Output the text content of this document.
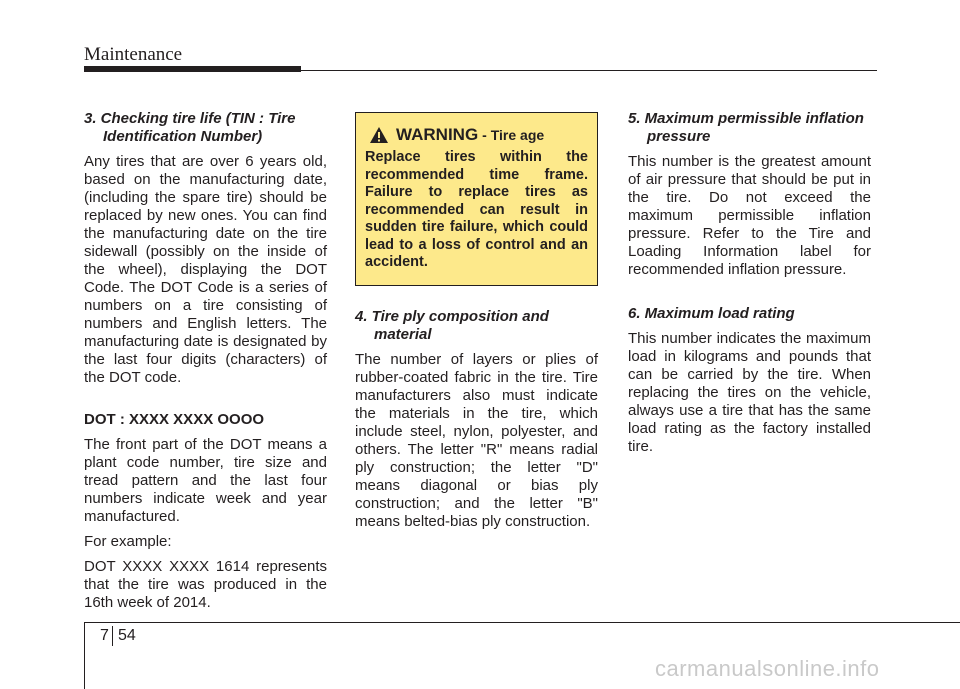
Maintenance
3. Checking tire life (TIN : Tire Identification Number)

Any tires that are over 6 years old, based on the manufacturing date, (including the spare tire) should be replaced by new ones. You can find the manufacturing date on the tire sidewall (possibly on the inside of the wheel), displaying the DOT Code. The DOT Code is a series of numbers on a tire consisting of numbers and English letters. The manufacturing date is designated by the last four digits (characters) of the DOT code.

DOT : XXXX XXXX OOOO

The front part of the DOT means a plant code number, tire size and tread pattern and the last four numbers indicate week and year manufactured.

For example:

DOT XXXX XXXX 1614 represents that the tire was produced in the 16th week of 2014.

WARNING - Tire age
Replace tires within the recommended time frame. Failure to replace tires as recommended can result in sudden tire failure, which could lead to a loss of control and an accident.
4. Tire ply composition and material

The number of layers or plies of rubber-coated fabric in the tire. Tire manufacturers also must indicate the materials in the tire, which include steel, nylon, polyester, and others. The letter "R" means radial ply construction; the letter "D" means diagonal or bias ply construction; and the letter "B" means belted-bias ply construction.

5. Maximum permissible inflation pressure

This number is the greatest amount of air pressure that should be put in the tire. Do not exceed the maximum permissible inflation pressure. Refer to the Tire and Loading Information label for recommended inflation pressure.

6. Maximum load rating

This number indicates the maximum load in kilograms and pounds that can be carried by the tire. When replacing the tires on the vehicle, always use a tire that has the same load rating as the factory installed tire.

7 54
carmanualsonline.info
